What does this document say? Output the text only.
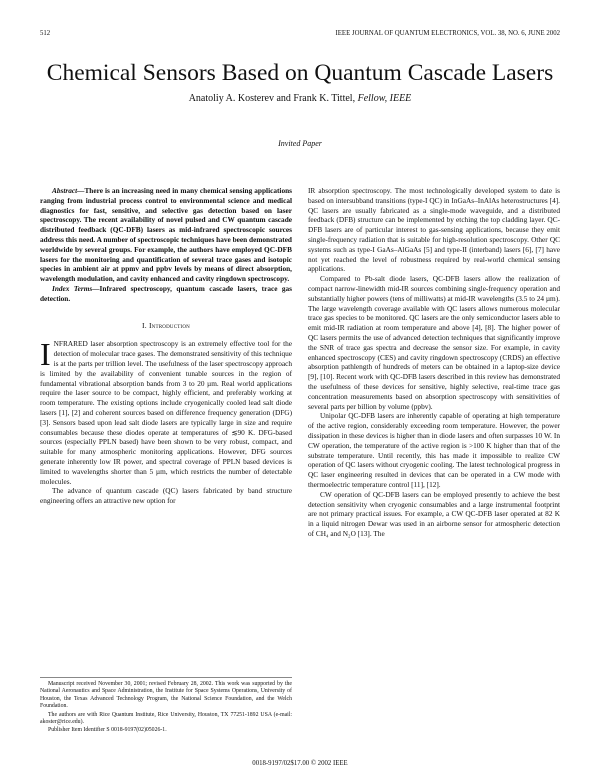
512	IEEE JOURNAL OF QUANTUM ELECTRONICS, VOL. 38, NO. 6, JUNE 2002
Chemical Sensors Based on Quantum Cascade Lasers
Anatoliy A. Kosterev and Frank K. Tittel, Fellow, IEEE
Invited Paper

Abstract—There is an increasing need in many chemical sensing applications ranging from industrial process control to environmental science and medical diagnostics for fast, sensitive, and selective gas detection based on laser spectroscopy. The recent availability of novel pulsed and CW quantum cascade distributed feedback (QC-DFB) lasers as mid-infrared spectroscopic sources address this need. A number of spectroscopic techniques have been demonstrated worldwide by several groups. For example, the authors have employed QC-DFB lasers for the monitoring and quantification of several trace gases and isotopic species in ambient air at ppmv and ppbv levels by means of direct absorption, wavelength modulation, and cavity enhanced and cavity ringdown spectroscopy.

Index Terms—Infrared spectroscopy, quantum cascade lasers, trace gas detection.

I. Introduction

INFRARED laser absorption spectroscopy is an extremely effective tool for the detection of molecular trace gases. The demonstrated sensitivity of this technique is at the parts per trillion level. The usefulness of the laser spectroscopy approach is limited by the availability of convenient tunable sources in the region of fundamental vibrational absorption bands from 3 to 20 µm. Real world applications require the laser source to be compact, highly efficient, and preferably working at room temperature. The existing options include cryogenically cooled lead salt diode lasers [1], [2] and coherent sources based on difference frequency generation (DFG) [3]. Sensors based upon lead salt diode lasers are typically large in size and require consumables because these diodes operate at temperatures of ≲90 K. DFG-based sources (especially PPLN based) have been shown to be very robust, compact, and suitable for many atmospheric monitoring applications. However, DFG sources generate inherently low IR power, and spectral coverage of PPLN based devices is limited to wavelengths shorter than 5 µm, which restricts the number of detectable molecules.

The advance of quantum cascade (QC) lasers fabricated by band structure engineering offers an attractive new option for

IR absorption spectroscopy. The most technologically developed system to date is based on intersubband transitions (type-I QC) in InGaAs–InAlAs heterostructures [4]. QC lasers are usually fabricated as a single-mode waveguide, and a distributed feedback (DFB) structure can be implemented by etching the top cladding layer. QC-DFB lasers are of particular interest to gas-sensing applications, because they emit single-frequency radiation that is suitable for high-resolution spectroscopy. Other QC systems such as type-I GaAs–AlGaAs [5] and type-II (interband) lasers [6], [7] have not yet reached the level of robustness required by real-world chemical sensing applications.

Compared to Pb-salt diode lasers, QC-DFB lasers allow the realization of compact narrow-linewidth mid-IR sources combining single-frequency operation and substantially higher powers (tens of milliwatts) at mid-IR wavelengths (3.5 to 24 µm). The large wavelength coverage available with QC lasers allows numerous molecular trace gas species to be monitored. QC lasers are the only semiconductor lasers able to emit mid-IR radiation at room temperature and above [4], [8]. The higher power of QC lasers permits the use of advanced detection techniques that significantly improve the SNR of trace gas spectra and decrease the sensor size. For example, in cavity enhanced spectroscopy (CES) and cavity ringdown spectroscopy (CRDS) an effective absorption pathlength of hundreds of meters can be obtained in a laptop-size device [9], [10]. Recent work with QC-DFB lasers described in this review has demonstrated the usefulness of these devices for sensitive, highly selective, real-time trace gas concentration measurements based on absorption spectroscopy with sensitivities of several parts per billion by volume (ppbv).

Unipolar QC-DFB lasers are inherently capable of operating at high temperature of the active region, considerably exceeding room temperature. However, the power dissipation in these devices is higher than in diode lasers and often surpasses 10 W. In CW operation, the temperature of the active region is >100 K higher than that of the substrate temperature. Until recently, this has made it impossible to realize CW operation of QC lasers without cryogenic cooling. The latest technological progress in QC laser engineering resulted in devices that can be operated in a CW mode with thermoelectric temperature control [11], [12].

CW operation of QC-DFB lasers can be employed presently to achieve the best detection sensitivity when cryogenic consumables and a large instrumental footprint are not primary practical issues. For example, a CW QC-DFB laser operated at 82 K in a liquid nitrogen Dewar was used in an airborne sensor for atmospheric detection of CH₄ and N₂O [13]. The

Manuscript received November 30, 2001; revised February 28, 2002. This work was supported by the National Aeronautics and Space Administration, the Institute for Space Systems Operations, University of Houston, the Texas Advanced Technology Program, the National Science Foundation, and the Welch Foundation.

The authors are with Rice Quantum Institute, Rice University, Houston, TX 77251-1892 USA (e-mail: akoster@rice.edu).

Publisher Item Identifier S 0018-9197(02)05026-1.

0018-9197/02$17.00 © 2002 IEEE
